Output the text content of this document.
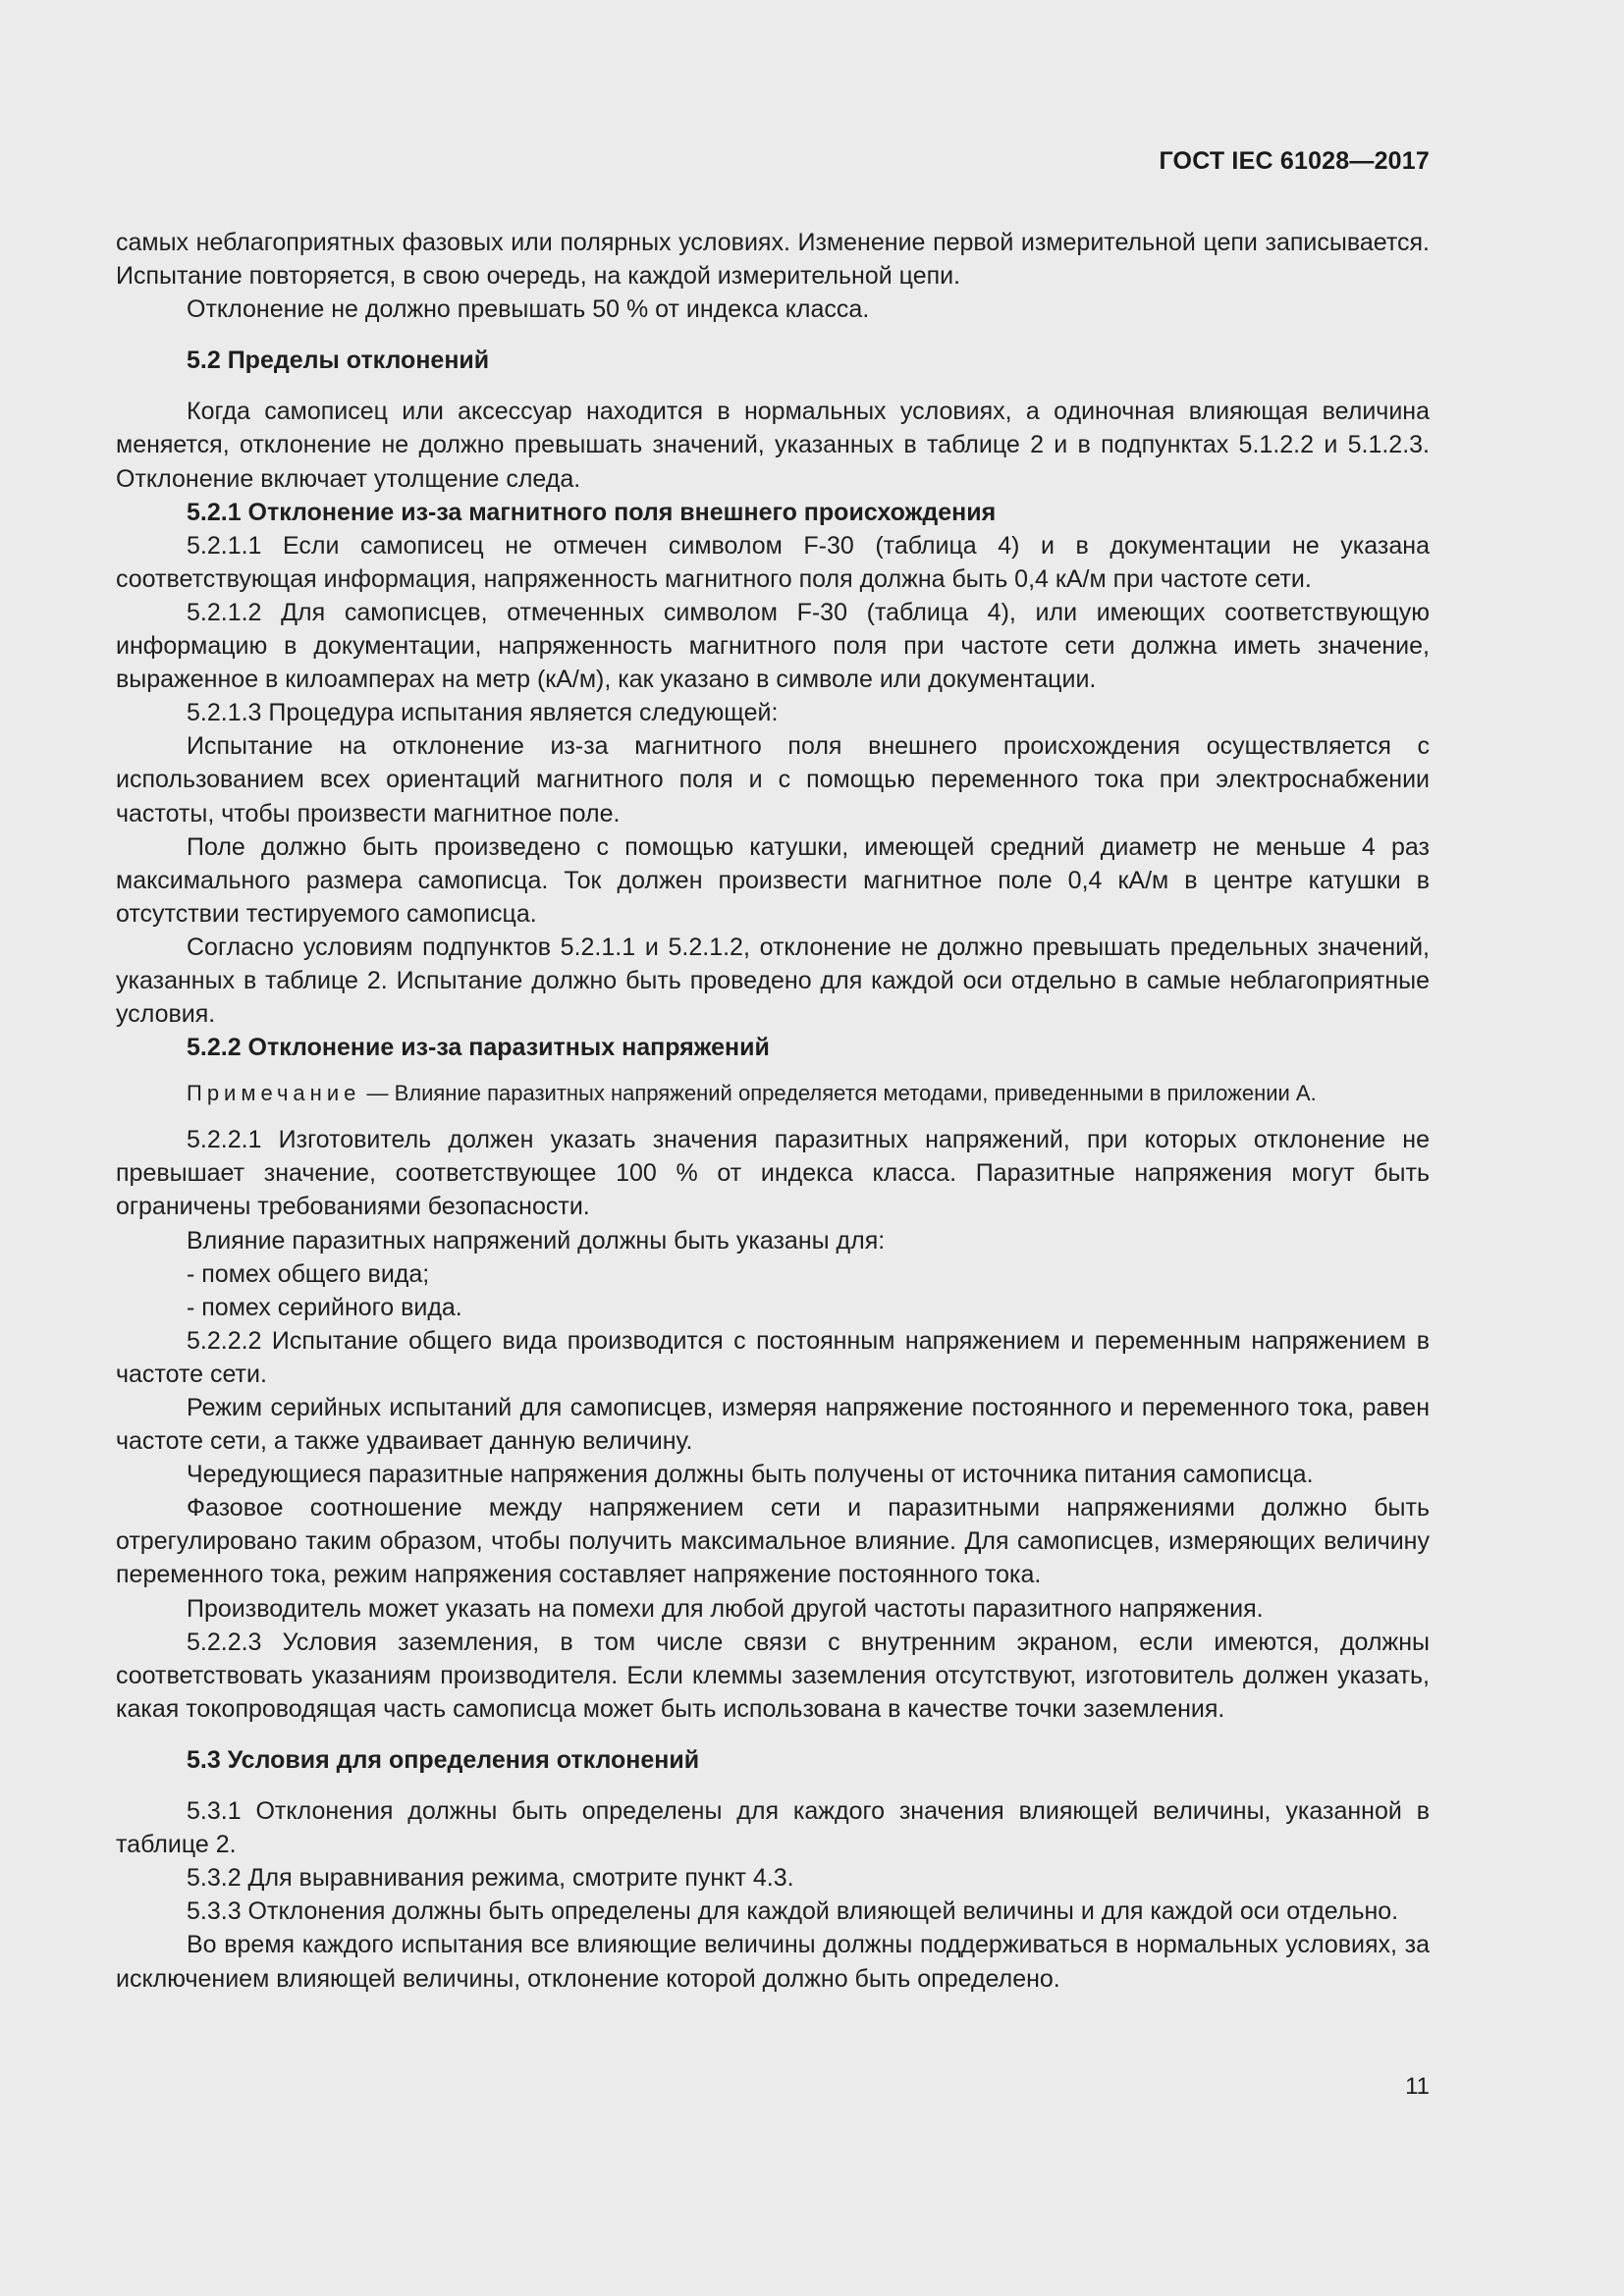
ГОСТ IEC 61028—2017

самых неблагоприятных фазовых или полярных условиях. Изменение первой измерительной цепи записывается. Испытание повторяется, в свою очередь, на каждой измерительной цепи.

Отклонение не должно превышать 50 % от индекса класса.

5.2 Пределы отклонений

Когда самописец или аксессуар находится в нормальных условиях, а одиночная влияющая величина меняется, отклонение не должно превышать значений, указанных в таблице 2 и в подпунктах 5.1.2.2 и 5.1.2.3. Отклонение включает утолщение следа.

5.2.1 Отклонение из-за магнитного поля внешнего происхождения

5.2.1.1 Если самописец не отмечен символом F-30 (таблица 4) и в документации не указана соответствующая информация, напряженность магнитного поля должна быть 0,4 кА/м при частоте сети.

5.2.1.2 Для самописцев, отмеченных символом F-30 (таблица 4), или имеющих соответствующую информацию в документации, напряженность магнитного поля при частоте сети должна иметь значение, выраженное в килоамперах на метр (кА/м), как указано в символе или документации.

5.2.1.3 Процедура испытания является следующей:

Испытание на отклонение из-за магнитного поля внешнего происхождения осуществляется с использованием всех ориентаций магнитного поля и с помощью переменного тока при электроснабжении частоты, чтобы произвести магнитное поле.

Поле должно быть произведено с помощью катушки, имеющей средний диаметр не меньше 4 раз максимального размера самописца. Ток должен произвести магнитное поле 0,4 кА/м в центре катушки в отсутствии тестируемого самописца.

Согласно условиям подпунктов 5.2.1.1 и 5.2.1.2, отклонение не должно превышать предельных значений, указанных в таблице 2. Испытание должно быть проведено для каждой оси отдельно в самые неблагоприятные условия.

5.2.2 Отклонение из-за паразитных напряжений

Примечание — Влияние паразитных напряжений определяется методами, приведенными в приложении А.

5.2.2.1 Изготовитель должен указать значения паразитных напряжений, при которых отклонение не превышает значение, соответствующее 100 % от индекса класса. Паразитные напряжения могут быть ограничены требованиями безопасности.

Влияние паразитных напряжений должны быть указаны для:

- помех общего вида;

- помех серийного вида.

5.2.2.2 Испытание общего вида производится с постоянным напряжением и переменным напряжением в частоте сети.

Режим серийных испытаний для самописцев, измеряя напряжение постоянного и переменного тока, равен частоте сети, а также удваивает данную величину.

Чередующиеся паразитные напряжения должны быть получены от источника питания самописца.

Фазовое соотношение между напряжением сети и паразитными напряжениями должно быть отрегулировано таким образом, чтобы получить максимальное влияние. Для самописцев, измеряющих величину переменного тока, режим напряжения составляет напряжение постоянного тока.

Производитель может указать на помехи для любой другой частоты паразитного напряжения.

5.2.2.3 Условия заземления, в том числе связи с внутренним экраном, если имеются, должны соответствовать указаниям производителя. Если клеммы заземления отсутствуют, изготовитель должен указать, какая токопроводящая часть самописца может быть использована в качестве точки заземления.

5.3 Условия для определения отклонений

5.3.1 Отклонения должны быть определены для каждого значения влияющей величины, указанной в таблице 2.

5.3.2 Для выравнивания режима, смотрите пункт 4.3.

5.3.3 Отклонения должны быть определены для каждой влияющей величины и для каждой оси отдельно.

Во время каждого испытания все влияющие величины должны поддерживаться в нормальных условиях, за исключением влияющей величины, отклонение которой должно быть определено.

11
